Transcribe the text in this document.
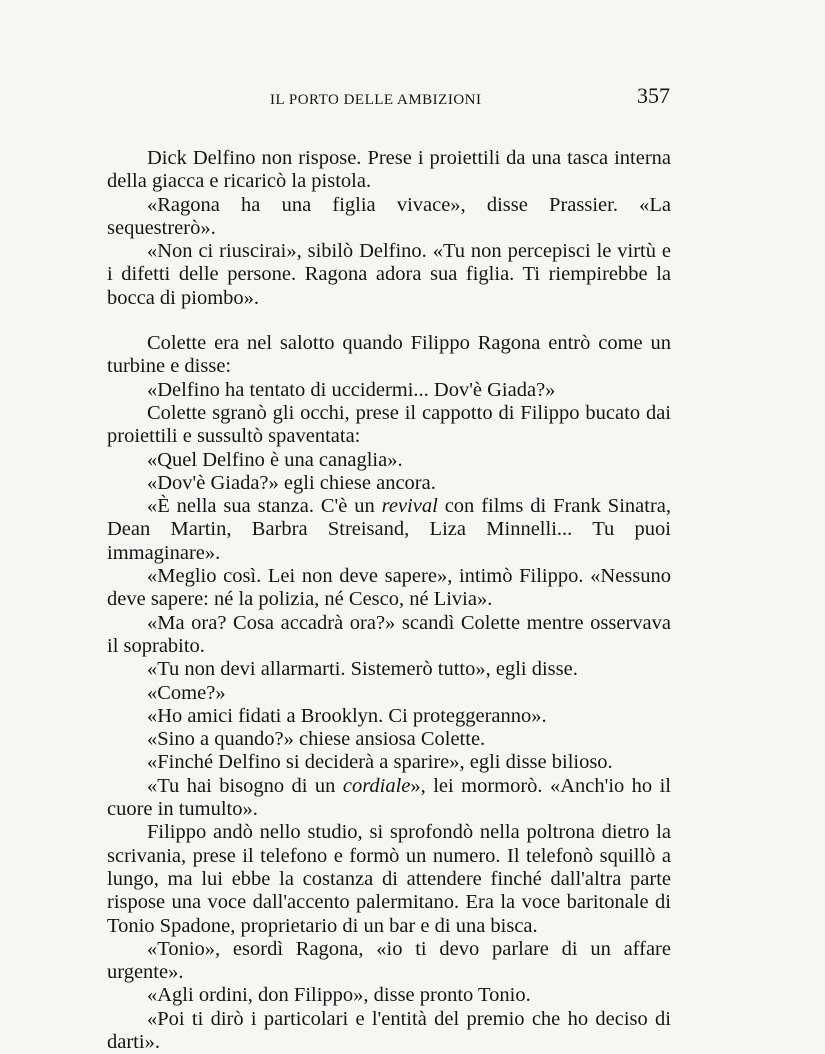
IL PORTO DELLE AMBIZIONI	357

Dick Delfino non rispose. Prese i proiettili da una tasca interna della giacca e ricaricò la pistola.

«Ragona ha una figlia vivace», disse Prassier. «La sequestrerò».

«Non ci riuscirai», sibilò Delfino. «Tu non percepisci le virtù e i difetti delle persone. Ragona adora sua figlia. Ti riempirebbe la bocca di piombo».

Colette era nel salotto quando Filippo Ragona entrò come un turbine e disse:

«Delfino ha tentato di uccidermi... Dov'è Giada?»

Colette sgranò gli occhi, prese il cappotto di Filippo bucato dai proiettili e sussultò spaventata:

«Quel Delfino è una canaglia».

«Dov'è Giada?» egli chiese ancora.

«È nella sua stanza. C'è un revival con films di Frank Sinatra, Dean Martin, Barbra Streisand, Liza Minnelli... Tu puoi immaginare».

«Meglio così. Lei non deve sapere», intimò Filippo. «Nessuno deve sapere: né la polizia, né Cesco, né Livia».

«Ma ora? Cosa accadrà ora?» scandì Colette mentre osservava il soprabito.

«Tu non devi allarmarti. Sistemerò tutto», egli disse.

«Come?»

«Ho amici fidati a Brooklyn. Ci proteggeranno».

«Sino a quando?» chiese ansiosa Colette.

«Finché Delfino si deciderà a sparire», egli disse bilioso.

«Tu hai bisogno di un cordiale», lei mormorò. «Anch'io ho il cuore in tumulto».

Filippo andò nello studio, si sprofondò nella poltrona dietro la scrivania, prese il telefono e formò un numero. Il telefonò squillò a lungo, ma lui ebbe la costanza di attendere finché dall'altra parte rispose una voce dall'accento palermitano. Era la voce baritonale di Tonio Spadone, proprietario di un bar e di una bisca.

«Tonio», esordì Ragona, «io ti devo parlare di un affare urgente».

«Agli ordini, don Filippo», disse pronto Tonio.

«Poi ti dirò i particolari e l'entità del premio che ho deciso di darti».
